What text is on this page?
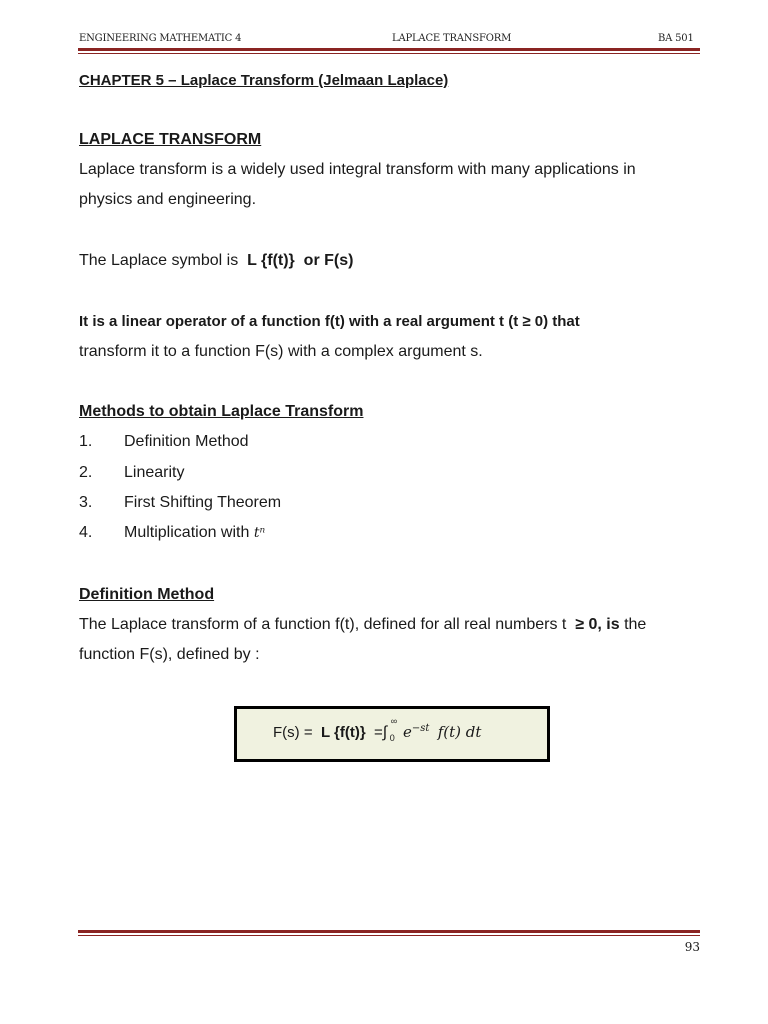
ENGINEERING MATHEMATIC 4	LAPLACE TRANSFORM	BA 501
CHAPTER 5 – Laplace Transform (Jelmaan Laplace)
LAPLACE TRANSFORM
Laplace transform is a widely used integral transform with many applications in
physics and engineering.
The Laplace symbol is L {f(t)}  or F(s)
It is a linear operator of a function f(t) with a real argument t (t ≥ 0) that
transform it to a function F(s) with a complex argument s.
Methods to obtain Laplace Transform
1. Definition Method
2. Linearity
3. First Shifting Theorem
4. Multiplication with tⁿ
Definition Method
The Laplace transform of a function f(t), defined for all real numbers t ≥ 0, is the
function F(s), defined by :
F(s) = L {f(t)} =∫
∞
0 $e^{-st}$ f(t) dt
93
